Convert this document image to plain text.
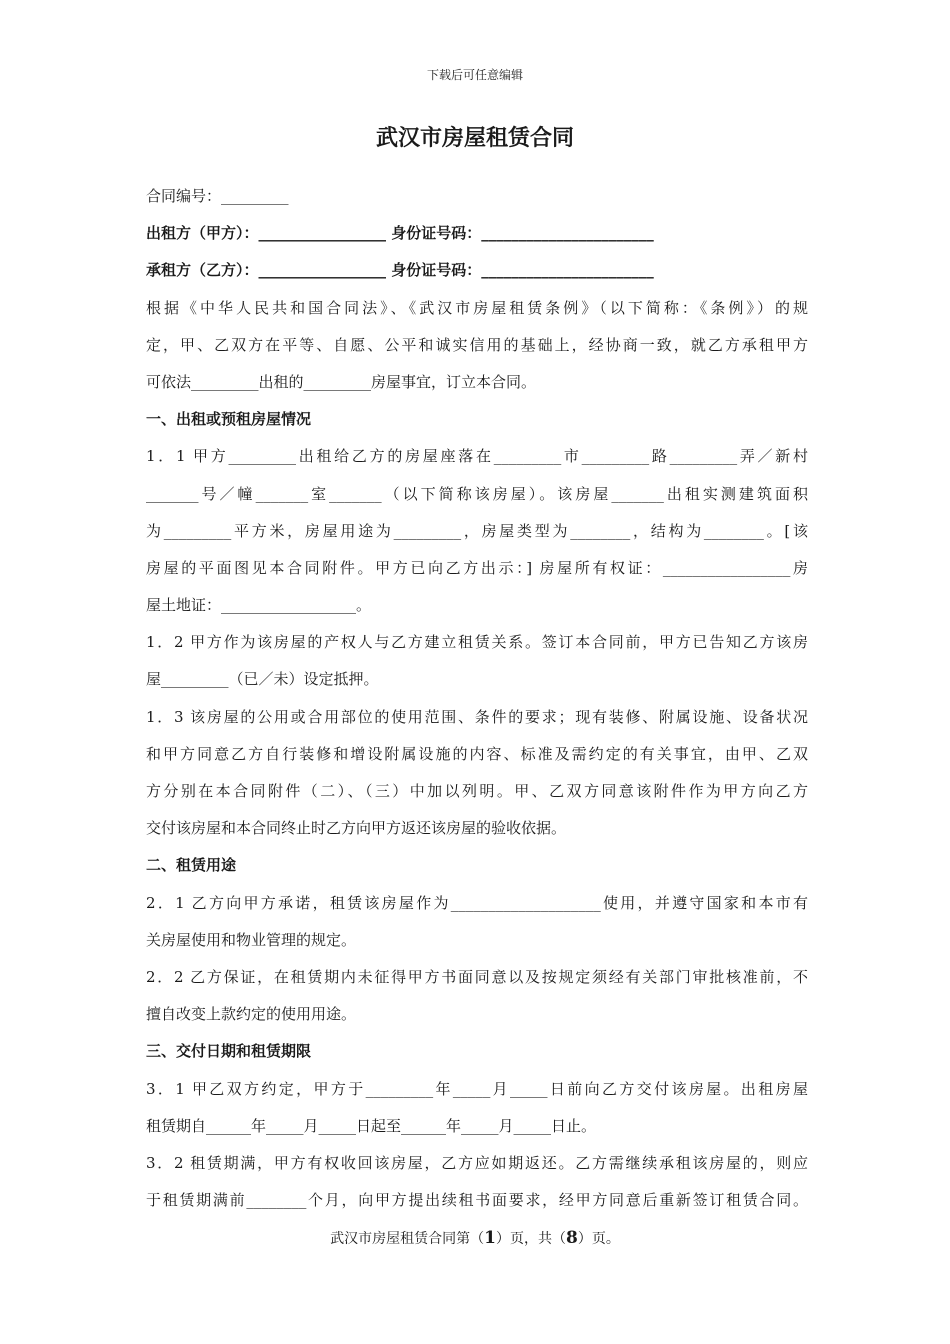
下载后可任意编辑
武汉市房屋租赁合同
合同编号：_________
出租方（甲方）：_________________ 身份证号码：_______________________
承租方（乙方）：_________________ 身份证号码：_______________________
根据《中华人民共和国合同法》、《武汉市房屋租赁条例》（以下简称：《条例》）的规
定，甲、乙双方在平等、自愿、公平和诚实信用的基础上，经协商一致，就乙方承租甲方
可依法_________出租的_________房屋事宜，订立本合同。
一、出租或预租房屋情况
1．1 甲方_________出租给乙方的房屋座落在_________市_________路_________弄／新村
_______号／幢_______室_______（以下简称该房屋）。该房屋_______出租实测建筑面积
为_________平方米，房屋用途为_________，房屋类型为________，结构为________。[该
房屋的平面图见本合同附件。甲方已向乙方出示：] 房屋所有权证：_________________房
屋土地证：__________________。
1．2 甲方作为该房屋的产权人与乙方建立租赁关系。签订本合同前，甲方已告知乙方该房
屋_________（已／未）设定抵押。
1．3 该房屋的公用或合用部位的使用范围、条件的要求；现有装修、附属设施、设备状况
和甲方同意乙方自行装修和增设附属设施的内容、标准及需约定的有关事宜，由甲、乙双
方分别在本合同附件（二）、（三）中加以列明。甲、乙双方同意该附件作为甲方向乙方
交付该房屋和本合同终止时乙方向甲方返还该房屋的验收依据。
二、租赁用途
2．1 乙方向甲方承诺，租赁该房屋作为____________________使用，并遵守国家和本市有
关房屋使用和物业管理的规定。
2．2 乙方保证，在租赁期内未征得甲方书面同意以及按规定须经有关部门审批核准前，不
擅自改变上款约定的使用用途。
三、交付日期和租赁期限
3．1 甲乙双方约定，甲方于_________年_____月_____日前向乙方交付该房屋。出租房屋
租赁期自______年_____月_____日起至______年_____月_____日止。
3．2 租赁期满，甲方有权收回该房屋，乙方应如期返还。乙方需继续承租该房屋的，则应
于租赁期满前________个月，向甲方提出续租书面要求，经甲方同意后重新签订租赁合同。
武汉市房屋租赁合同第（1）页，共（8）页。
